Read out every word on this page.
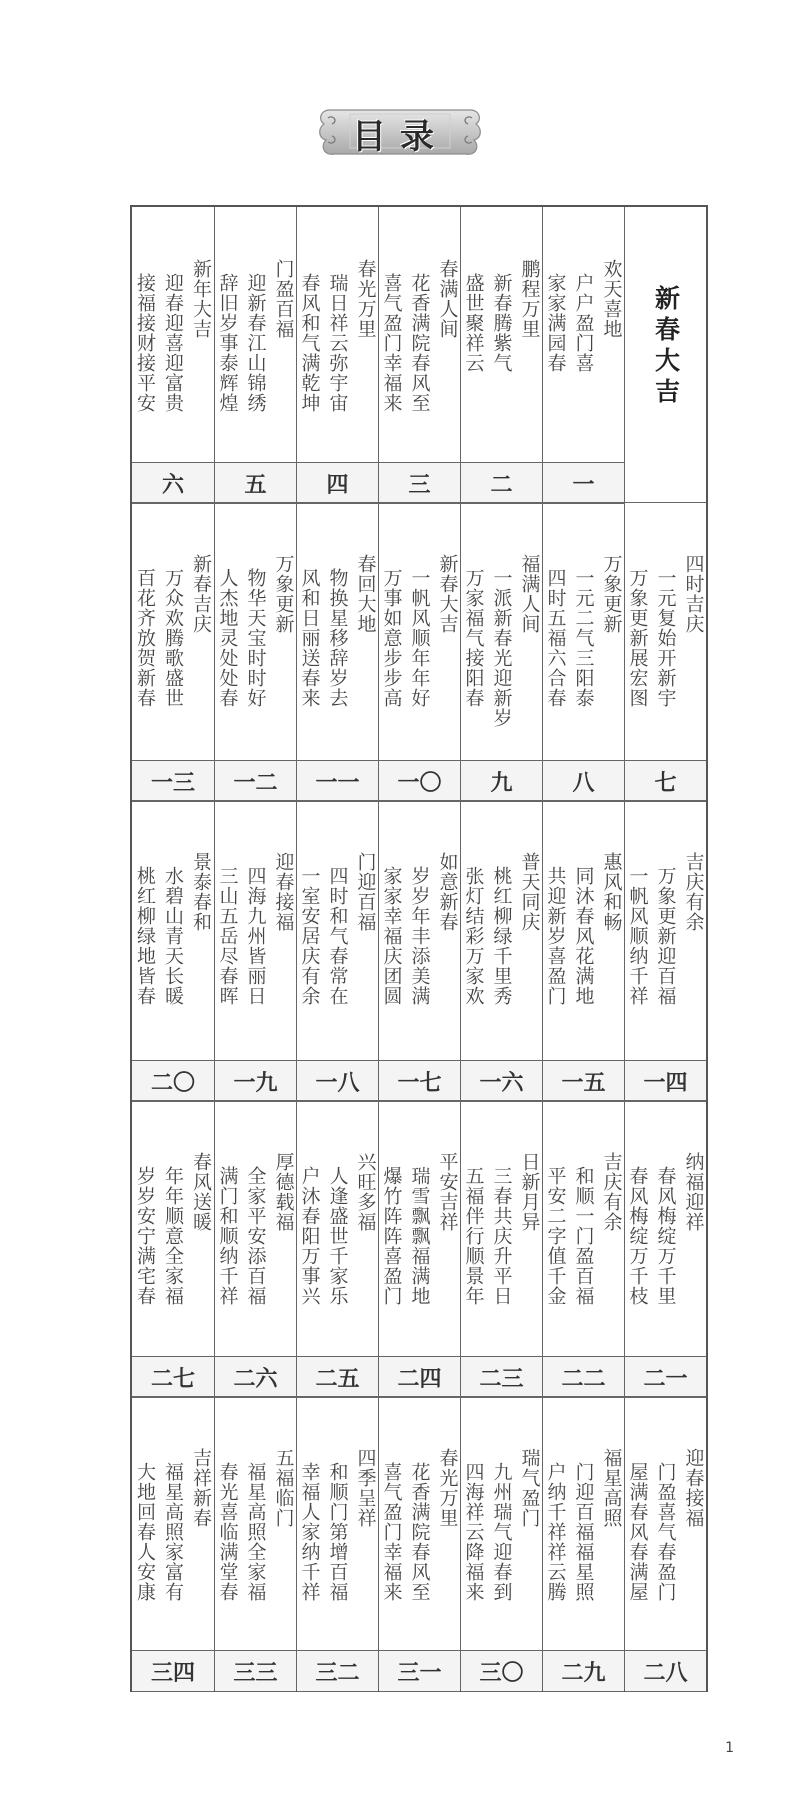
目录
新春大吉
欢天喜地
户户盈门喜
家家满园春
一
鹏程万里
新春腾紫气
盛世聚祥云
二
春满人间
花香满院春风至
喜气盈门幸福来
三
春光万里
瑞日祥云弥宇宙
春风和气满乾坤
四
门盈百福
迎新春江山锦绣
辞旧岁事泰辉煌
五
新年大吉
迎春迎喜迎富贵
接福接财接平安
六
四时吉庆
一元复始开新宇
万象更新展宏图
七
万象更新
一元二气三阳泰
四时五福六合春
八
福满人间
一派新春光迎新岁
万家福气接阳春
九
新春大吉
一帆风顺年年好
万事如意步步高
一〇
春回大地
物换星移辞岁去
风和日丽送春来
一一
万象更新
物华天宝时时好
人杰地灵处处春
一二
新春吉庆
万众欢腾歌盛世
百花齐放贺新春
一三
吉庆有余
万象更新迎百福
一帆风顺纳千祥
一四
惠风和畅
同沐春风花满地
共迎新岁喜盈门
一五
普天同庆
桃红柳绿千里秀
张灯结彩万家欢
一六
如意新春
岁岁年丰添美满
家家幸福庆团圆
一七
门迎百福
四时和气春常在
一室安居庆有余
一八
迎春接福
四海九州皆丽日
三山五岳尽春晖
一九
景泰春和
水碧山青天长暖
桃红柳绿地皆春
二〇
纳福迎祥
春风梅绽万千里
春风梅绽万千枝
二一
吉庆有余
和顺一门盈百福
平安二字值千金
二二
日新月异
三春共庆升平日
五福伴行顺景年
二三
平安吉祥
瑞雪飘飘福满地
爆竹阵阵喜盈门
二四
兴旺多福
人逢盛世千家乐
户沐春阳万事兴
二五
厚德载福
全家平安添百福
满门和顺纳千祥
二六
春风送暖
年年顺意全家福
岁岁安宁满宅春
二七
迎春接福
门盈喜气春盈门
屋满春风春满屋
二八
福星高照
门迎百福福星照
户纳千祥祥云腾
二九
瑞气盈门
九州瑞气迎春到
四海祥云降福来
三〇
春光万里
花香满院春风至
喜气盈门幸福来
三一
四季呈祥
和顺门第增百福
幸福人家纳千祥
三二
五福临门
福星高照全家福
春光喜临满堂春
三三
吉祥新春
福星高照家富有
大地回春人安康
三四
1
